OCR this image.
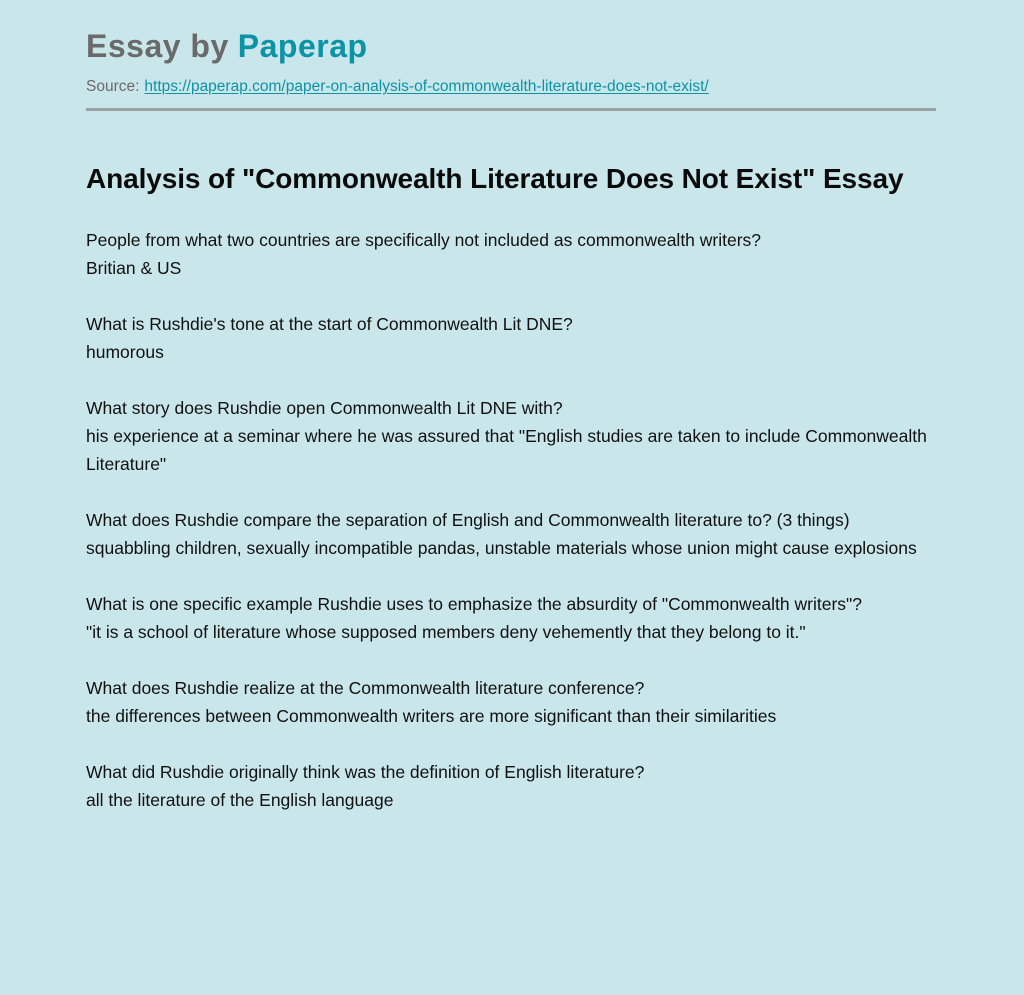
Essay by Paperap
Source: https://paperap.com/paper-on-analysis-of-commonwealth-literature-does-not-exist/
Analysis of "Commonwealth Literature Does Not Exist" Essay

People from what two countries are specifically not included as commonwealth writers?

Britian & US

What is Rushdie's tone at the start of Commonwealth Lit DNE?

humorous

What story does Rushdie open Commonwealth Lit DNE with?

his experience at a seminar where he was assured that "English studies are taken to include Commonwealth Literature"

What does Rushdie compare the separation of English and Commonwealth literature to? (3 things)

squabbling children, sexually incompatible pandas, unstable materials whose union might cause explosions

What is one specific example Rushdie uses to emphasize the absurdity of "Commonwealth writers"?

"it is a school of literature whose supposed members deny vehemently that they belong to it."

What does Rushdie realize at the Commonwealth literature conference?

the differences between Commonwealth writers are more significant than their similarities

What did Rushdie originally think was the definition of English literature?

all the literature of the English language
